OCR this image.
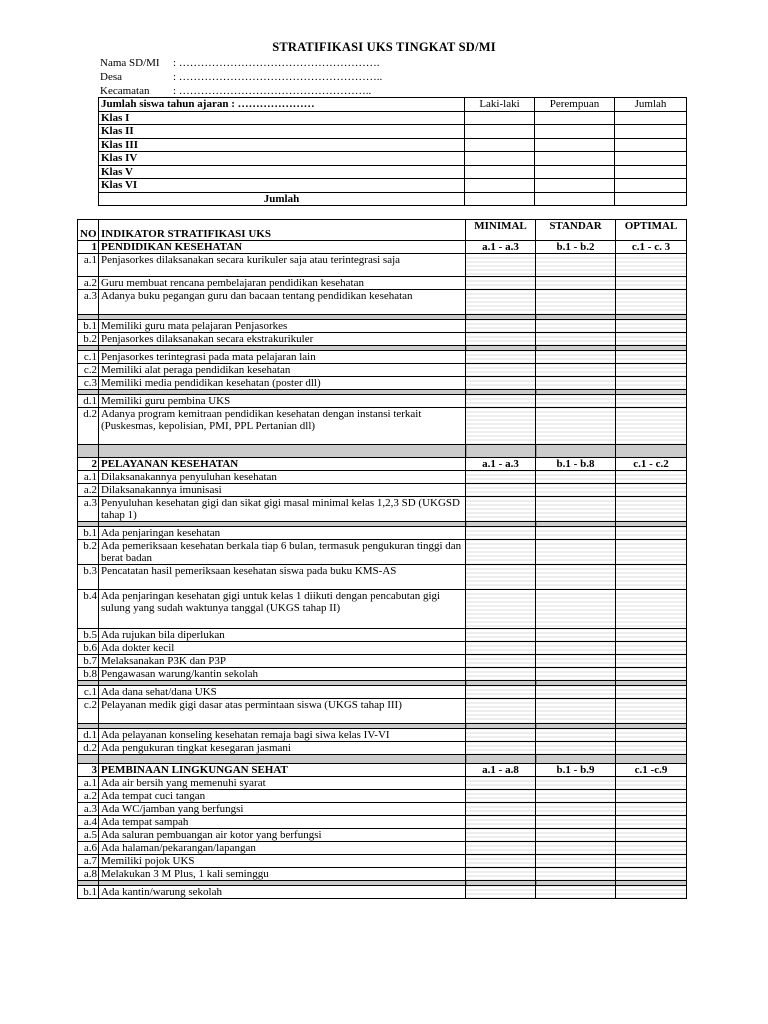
STRATIFIKASI UKS TINGKAT SD/MI
Nama SD/MI : ……………………………………………….
Desa	: ………………………………………………..
Kecamatan : ……………………………………………..
Jumlah siswa tahun ajaran : …………………	Laki-laki	Perempuan	Jumlah
Klas I			
Klas II			
Klas III			
Klas IV			
Klas V			
Klas VI			
Jumlah			
NO	INDIKATOR STRATIFIKASI UKS	MINIMAL	STANDAR	OPTIMAL
1	PENDIDIKAN KESEHATAN	a.1 - a.3	b.1 - b.2	c.1 - c. 3
a.1	Penjasorkes dilaksanakan secara kurikuler saja atau terintegrasi saja			
a.2	Guru membuat rencana pembelajaran pendidikan kesehatan			
a.3	Adanya buku pegangan guru dan bacaan tentang pendidikan kesehatan			

b.1	Memiliki guru mata pelajaran Penjasorkes			
b.2	Penjasorkes dilaksanakan secara ekstrakurikuler			

c.1	Penjasorkes terintegrasi pada mata pelajaran lain			
c.2	Memiliki alat peraga pendidikan kesehatan			
c.3	Memiliki media pendidikan kesehatan (poster dll)			

d.1	Memiliki guru pembina UKS			
d.2	Adanya program kemitraan pendidikan kesehatan dengan instansi terkait (Puskesmas, kepolisian, PMI, PPL Pertanian dll)			

2	PELAYANAN KESEHATAN	a.1 - a.3	b.1 - b.8	c.1 - c.2
a.1	Dilaksanakannya penyuluhan kesehatan			
a.2	Dilaksanakannya imunisasi			
a.3	Penyuluhan kesehatan gigi dan sikat gigi masal minimal kelas 1,2,3 SD (UKGSD tahap 1)			

b.1	Ada penjaringan kesehatan			
b.2	Ada pemeriksaan kesehatan berkala tiap 6 bulan, termasuk pengukuran tinggi dan berat badan			
b.3	Pencatatan hasil pemeriksaan kesehatan siswa pada buku KMS-AS			
b.4	Ada penjaringan kesehatan gigi untuk kelas 1 diikuti dengan pencabutan gigi sulung yang sudah waktunya tanggal (UKGS tahap II)			
b.5	Ada rujukan bila diperlukan			
b.6	Ada dokter kecil			
b.7	Melaksanakan P3K dan P3P			
b.8	Pengawasan warung/kantin sekolah			

c.1	Ada dana sehat/dana UKS			
c.2	Pelayanan medik gigi dasar atas permintaan siswa (UKGS tahap III)			

d.1	Ada pelayanan konseling kesehatan remaja bagi siwa kelas IV-VI			
d.2	Ada pengukuran tingkat kesegaran jasmani			

3	PEMBINAAN LINGKUNGAN SEHAT	a.1 - a.8	b.1 - b.9	c.1 -c.9
a.1	Ada air bersih yang memenuhi syarat			
a.2	Ada tempat cuci tangan			
a.3	Ada WC/jamban yang berfungsi			
a.4	Ada tempat sampah			
a.5	Ada saluran pembuangan air kotor yang berfungsi			
a.6	Ada halaman/pekarangan/lapangan			
a.7	Memiliki pojok UKS			
a.8	Melakukan 3 M Plus, 1 kali seminggu			

b.1	Ada kantin/warung sekolah			
